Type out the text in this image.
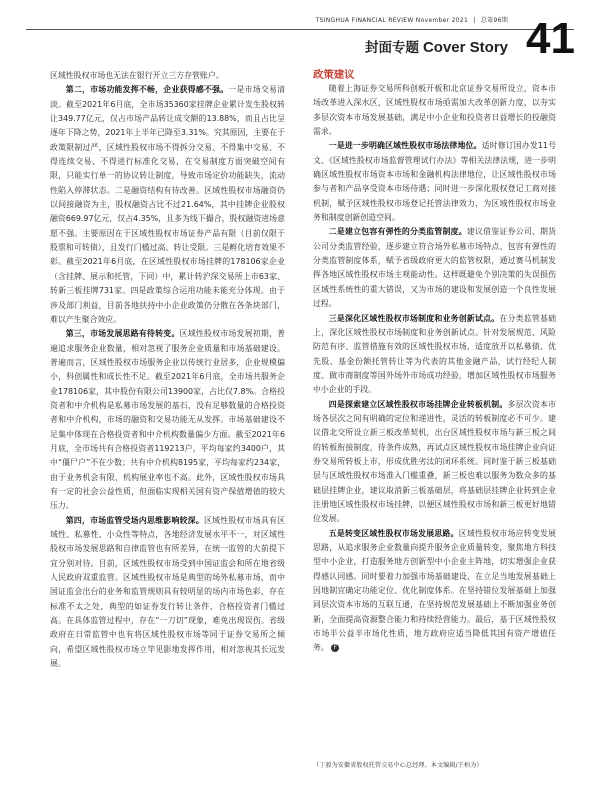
TSINGHUA FINANCIAL REVIEW November 2021 | 总第96期
封面专题 Cover Story 41

区域性股权市场也无法在银行开立三方存管账户。

第二，市场功能发挥不畅，企业获得感不强。一是市场交易清淡。截至2021年6月底，全市场35360家挂牌企业累计发生股权转让349.77亿元，仅占市场产品转让成交额的13.88%，而且占比呈逐年下降之势，2021年上半年已降至3.31%。究其原因，主要在于政策限制过严，区域性股权市场不得拆分交易、不得集中交易、不得连续交易、不得进行标准化交易，在交易制度方面突破空间有限，只能实行单一的协议转让制度，导致市场定价功能缺失，流动性陷入停滞状态。二是融资结构有待改善。区域性股权市场融资仍以间接融资为主，股权融资占比不过21.64%，其中挂牌企业股权融资669.97亿元，仅占4.35%，且多为线下撮合，股权融资进场意愿不强。主要原因在于区域性股权市场证券产品有限（目前仅限于股票和可转债），且发行门槛过高、转让受限。三是孵化培育效果不彰。截至2021年6月底，在区域性股权市场挂牌的178106家企业（含挂牌、展示和托管，下同）中，累计转沪深交易所上市63家、转新三板挂牌731家。四是政策综合运用功能未能充分体现。由于涉及部门利益，目前各地扶持中小企业政策仍分散在各条块部门，难以产生聚合效应。

第三，市场发展思路有待转变。区域性股权市场发展初期，普遍追求服务企业数量，相对忽视了服务企业质量和市场基础建设。普遍而言，区域性股权市场服务企业以传统行业居多，企业规模偏小，科创属性和成长性不足。截至2021年6月底，全市场共服务企业178106家，其中股份有限公司13900家，占比仅7.8%。合格投资者和中介机构是私募市场发展的基石，没有足够数量的合格投资者和中介机构，市场的融资和交易功能无从发挥。市场基础建设不足集中体现在合格投资者和中介机构数量偏少方面。截至2021年6月底，全市场共有合格投资者119213户，平均每家约3400户，其中“僵尸户”不在少数；共有中介机构8195家，平均每家约234家，由于业务机会有限，机构展业率也不高。此外，区域性股权市场具有一定的社会公益性质，但面临实现相关国有资产保值增值的较大压力。

第四，市场监管受场内思维影响较深。区域性股权市场具有区域性、私募性、小众性等特点，各地经济发展水平不一，对区域性股权市场发展思路和自律监管也有所差异，在统一监管的大前提下宜分别对待。目前，区域性股权市场受到中国证监会和所在地省级人民政府双重监管。区域性股权市场是典型的场外私募市场，而中国证监会出台的业务和监管规则具有较明显的场内市场色彩，存在标准不太之处，典型的如证券发行转让条件、合格投资者门槛过高。在具体监管过程中，存在“一刀切”现象，难免出现误伤。省级政府在日常监管中也有将区域性股权市场等同于证券交易所之倾向，希望区域性股权市场立竿见影地发挥作用，相对忽视其长远发展。

政策建议

随着上海证券交易所科创板开板和北京证券交易所设立，资本市场改革进入深水区，区域性股权市场亟需加大改革创新力度，以夯实多层次资本市场发展基础，满足中小企业和投资者日益增长的投融资需求。

一是进一步明确区域性股权市场法律地位。适时修订国办发11号文、《区域性股权市场监督管理试行办法》等相关法律法规，进一步明确区域性股权市场资本市场和金融机构法律地位，让区域性股权市场参与者和产品享受资本市场待遇；同时进一步深化股权登记工商对接机制，赋予区域性股权市场登记托管法律效力，为区域性股权市场业务和制度创新创造空间。

二是建立包容有弹性的分类监管制度。建议借鉴证券公司、期货公司分类监管经验，逐步建立符合场外私募市场特点、包容有弹性的分类监管制度体系，赋予省级政府更大的监管权限，通过赛马机制发挥各地区域性股权市场主观能动性。这样既避免个别决策的失误损伤区域性系统性的重大错误，又为市场的建设和发展创造一个良性发展过程。

三是深化区域性股权市场制度和业务创新试点。在分类监管基础上，深化区域性股权市场制度和业务创新试点。针对发展规范、风险防范有序、监管措施有效的区域性股权市场，适度放开以私募债、优先股、基金份额托管转让等为代表的其他金融产品，试行经纪人制度、做市商制度等国外场外市场成功经验，增加区域性股权市场服务中小企业的手段。

四是探索建立区域性股权市场挂牌企业转板机制。多层次资本市场各层次之间有明确的定位和递进性，灵活的转板制度必不可少。建议借北交所设立新三板改革契机，出台区域性股权市场与新三板之间的转板衔接制度，待条件成熟，再试点区域性股权市场挂牌企业向证券交易所转板上市，形成优胜劣汰的闭环系统。同时鉴于新三板基础层与区域性股权市场准入门槛重叠，新三板也难以服务为数众多的基础层挂牌企业，建议取消新三板基础层，将基础层挂牌企业转到企业注册地区域性股权市场挂牌，以便区域性股权市场和新三板更好地错位发展。

五是转变区域性股权市场发展思路。区域性股权市场应转变发展思路，从追求服务企业数量向提升服务企业质量转变，聚焦地方科技型中小企业，打造服务地方创新型中小企业主阵地，切实增强企业获得感认同感。同时要着力加强市场基础建设，在立足当地发展基础上因地制宜确定功能定位、优化制度体系。在坚持错位发展基础上加强同层次资本市场的互联互通，在坚持规范发展基础上不断加强业务创新，全面提高资源整合能力和持续经营能力。最后，基于区域性股权市场半公益半市场化性质，地方政府应适当降低其国有资产增值任务。 F

（丁毅为安徽省股权托管交易中心总经理。本文编辑/王柏为）
